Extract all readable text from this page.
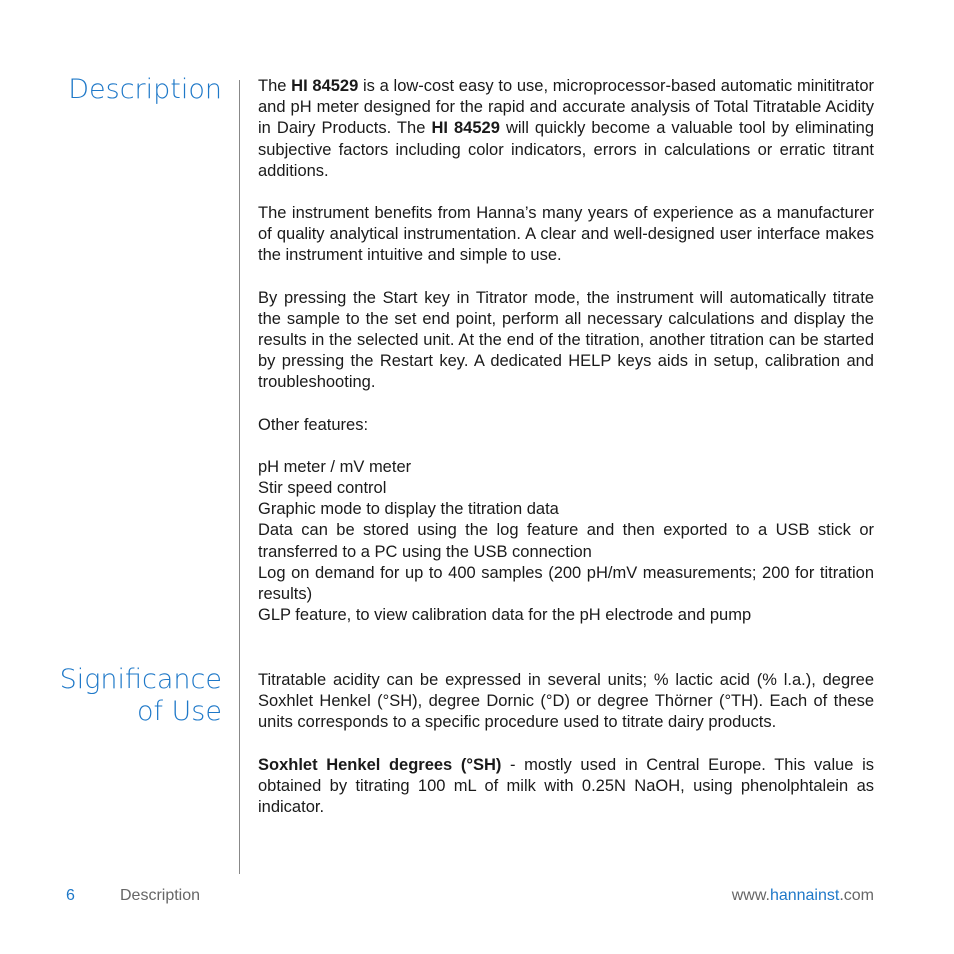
Description The HI 84529 is a low-cost easy to use, microprocessor-based automatic minititrator and pH meter designed for the rapid and accurate analysis of Total Titratable Acidity in Dairy Products. The HI 84529 will quickly become a valuable tool by eliminating subjective factors including color indicators, errors in calculations or erratic titrant additions.

The instrument benefits from Hanna’s many years of experience as a manufacturer of quality analytical instrumentation. A clear and well-designed user interface makes the instrument intuitive and simple to use.

By pressing the Start key in Titrator mode, the instrument will automatically titrate the sample to the set end point, perform all necessary calculations and display the results in the selected unit. At the end of the titration, another titration can be started by pressing the Restart key. A dedicated HELP keys aids in setup, calibration and troubleshooting.

Other features:

pH meter / mV meter
Stir speed control
Graphic mode to display the titration data
Data can be stored using the log feature and then exported to a USB stick or transferred to a PC using the USB connection
Log on demand for up to 400 samples (200 pH/mV measurements; 200 for titration results)
GLP feature, to view calibration data for the pH electrode and pump
Significance
of Use

Titratable acidity can be expressed in several units; % lactic acid (% l.a.), degree Soxhlet Henkel (°SH), degree Dornic (°D) or degree Thörner (°TH). Each of these units corresponds to a specific procedure used to titrate dairy products.

Soxhlet Henkel degrees (°SH) - mostly used in Central Europe. This value is obtained by titrating 100 mL of milk with 0.25N NaOH, using phenolphtalein as indicator.

6	Description	www.hannainst.com
